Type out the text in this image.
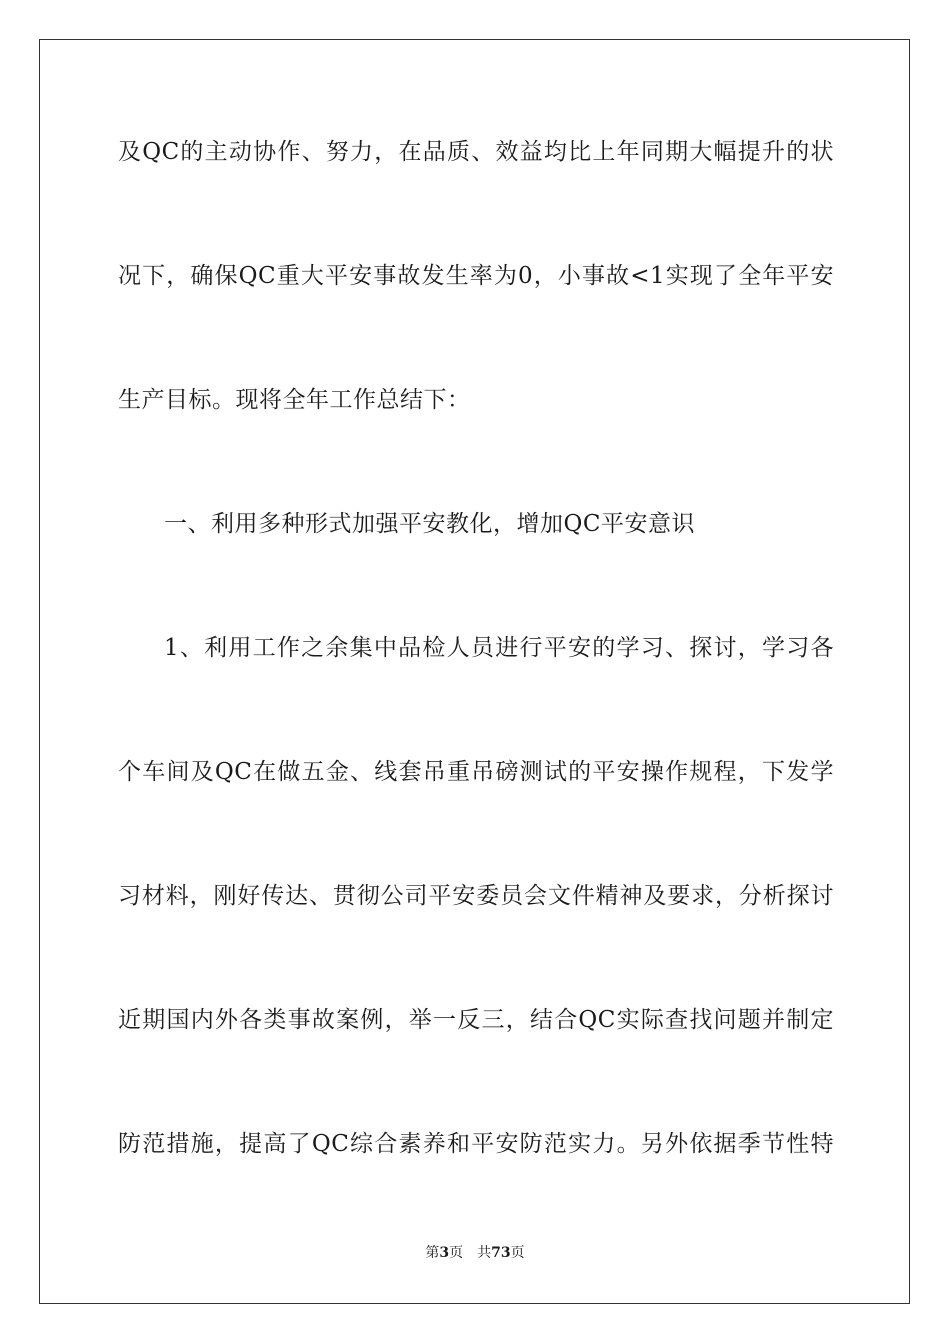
及QC的主动协作、努力，在品质、效益均比上年同期大幅提升的状
况下，确保QC重大平安事故发生率为0，小事故<1实现了全年平安
生产目标。现将全年工作总结下：
一、利用多种形式加强平安教化，增加QC平安意识
1、利用工作之余集中品检人员进行平安的学习、探讨，学习各
个车间及QC在做五金、线套吊重吊磅测试的平安操作规程，下发学
习材料，刚好传达、贯彻公司平安委员会文件精神及要求，分析探讨
近期国内外各类事故案例，举一反三，结合QC实际查找问题并制定
防范措施，提高了QC综合素养和平安防范实力。另外依据季节性特
第3页 共73页
